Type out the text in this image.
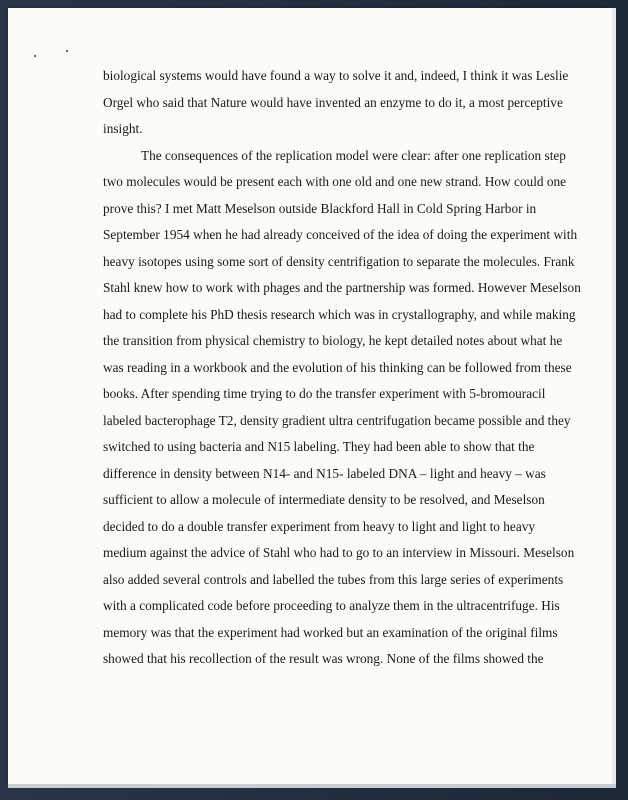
biological systems would have found a way to solve it and, indeed, I think it was Leslie
Orgel who said that Nature would have invented an enzyme to do it, a most perceptive
insight.
The consequences of the replication model were clear: after one replication step
two molecules would be present each with one old and one new strand. How could one
prove this? I met Matt Meselson outside Blackford Hall in Cold Spring Harbor in
September 1954 when he had already conceived of the idea of doing the experiment with
heavy isotopes using some sort of density centrifigation to separate the molecules. Frank
Stahl knew how to work with phages and the partnership was formed. However Meselson
had to complete his PhD thesis research which was in crystallography, and while making
the transition from physical chemistry to biology, he kept detailed notes about what he
was reading in a workbook and the evolution of his thinking can be followed from these
books. After spending time trying to do the transfer experiment with 5-bromouracil
labeled bacterophage T2, density gradient ultra centrifugation became possible and they
switched to using bacteria and N15 labeling. They had been able to show that the
difference in density between N14- and N15- labeled DNA – light and heavy – was
sufficient to allow a molecule of intermediate density to be resolved, and Meselson
decided to do a double transfer experiment from heavy to light and light to heavy
medium against the advice of Stahl who had to go to an interview in Missouri. Meselson
also added several controls and labelled the tubes from this large series of experiments
with a complicated code before proceeding to analyze them in the ultracentrifuge. His
memory was that the experiment had worked but an examination of the original films
showed that his recollection of the result was wrong. None of the films showed the
